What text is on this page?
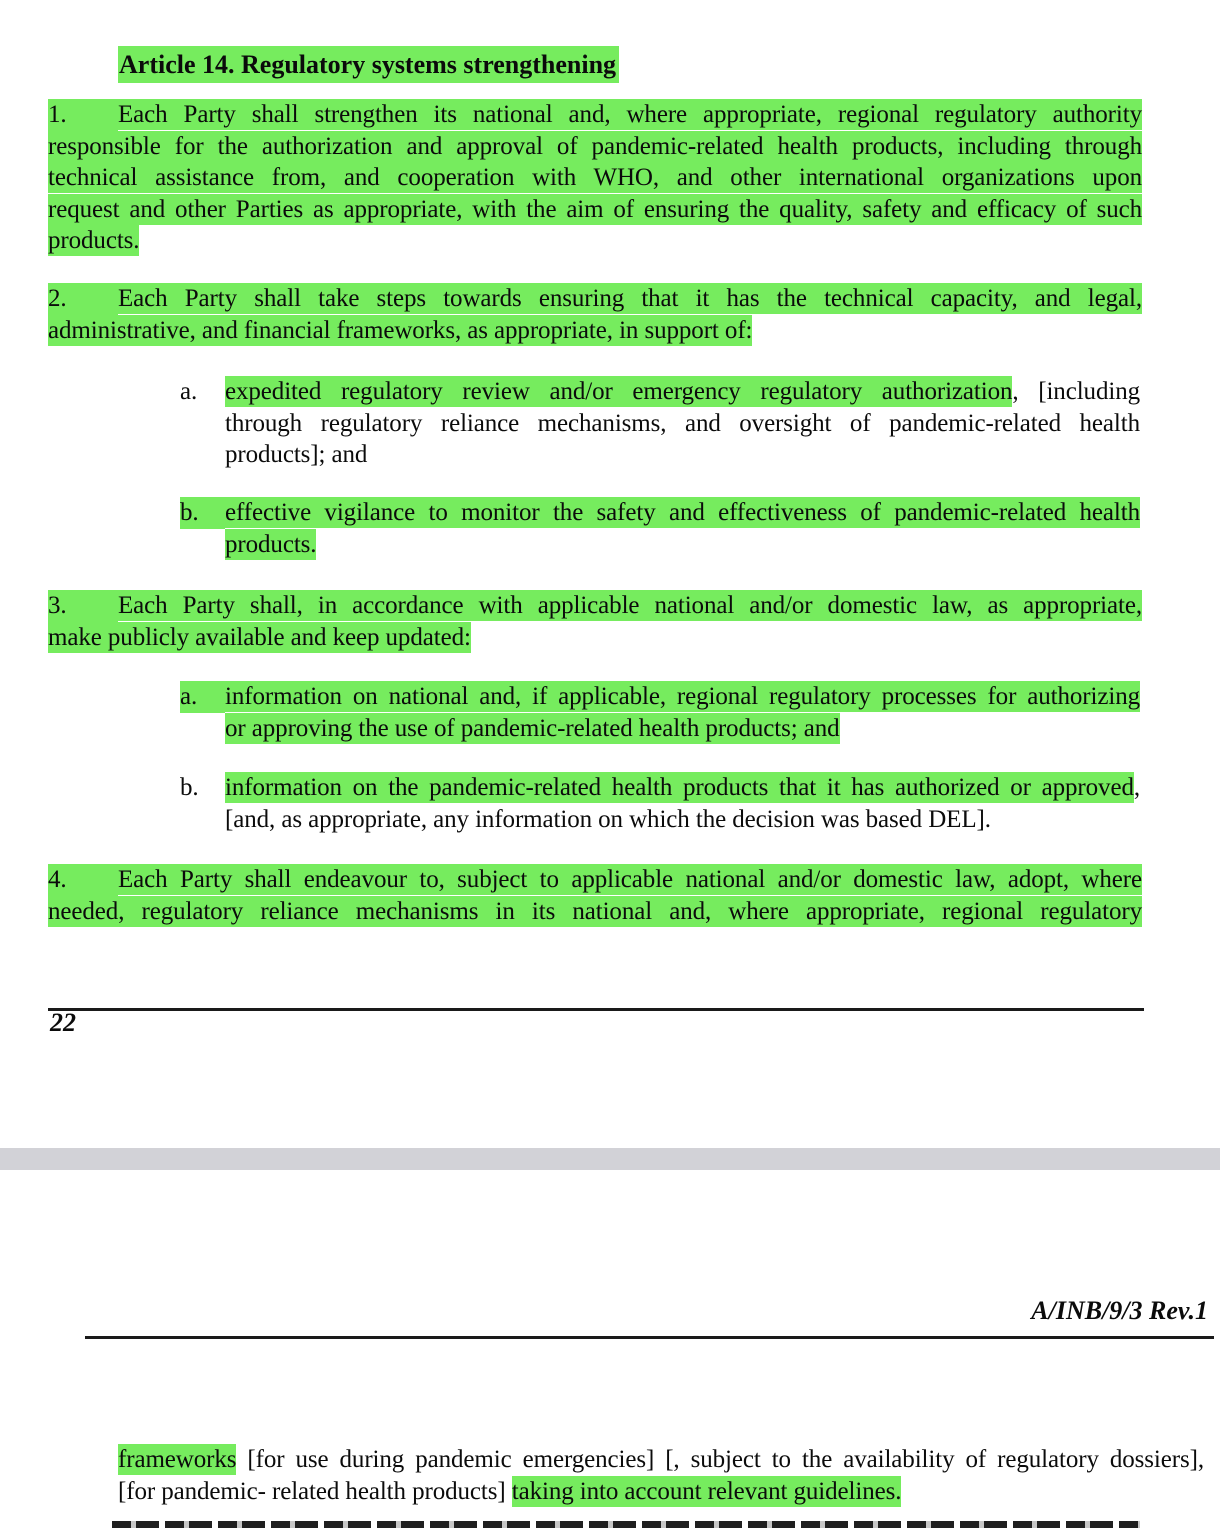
Article 14. Regulatory systems strengthening
1. Each Party shall strengthen its national and, where appropriate, regional regulatory authority
responsible for the authorization and approval of pandemic-related health products, including through
technical assistance from, and cooperation with WHO, and other international organizations upon
request and other Parties as appropriate, with the aim of ensuring the quality, safety and efficacy of such
products.
2. Each Party shall take steps towards ensuring that it has the technical capacity, and legal,
administrative, and financial frameworks, as appropriate, in support of:
a. expedited regulatory review and/or emergency regulatory authorization, [including
through regulatory reliance mechanisms, and oversight of pandemic-related health
products]; and
b. effective vigilance to monitor the safety and effectiveness of pandemic-related health
products.
3. Each Party shall, in accordance with applicable national and/or domestic law, as appropriate,
make publicly available and keep updated:
a. information on national and, if applicable, regional regulatory processes for authorizing
or approving the use of pandemic-related health products; and
b. information on the pandemic-related health products that it has authorized or approved,
[and, as appropriate, any information on which the decision was based DEL].
4. Each Party shall endeavour to, subject to applicable national and/or domestic law, adopt, where
needed, regulatory reliance mechanisms in its national and, where appropriate, regional regulatory
22
A/INB/9/3 Rev.1
frameworks [for use during pandemic emergencies] [, subject to the availability of regulatory dossiers],
[for pandemic- related health products] taking into account relevant guidelines.
